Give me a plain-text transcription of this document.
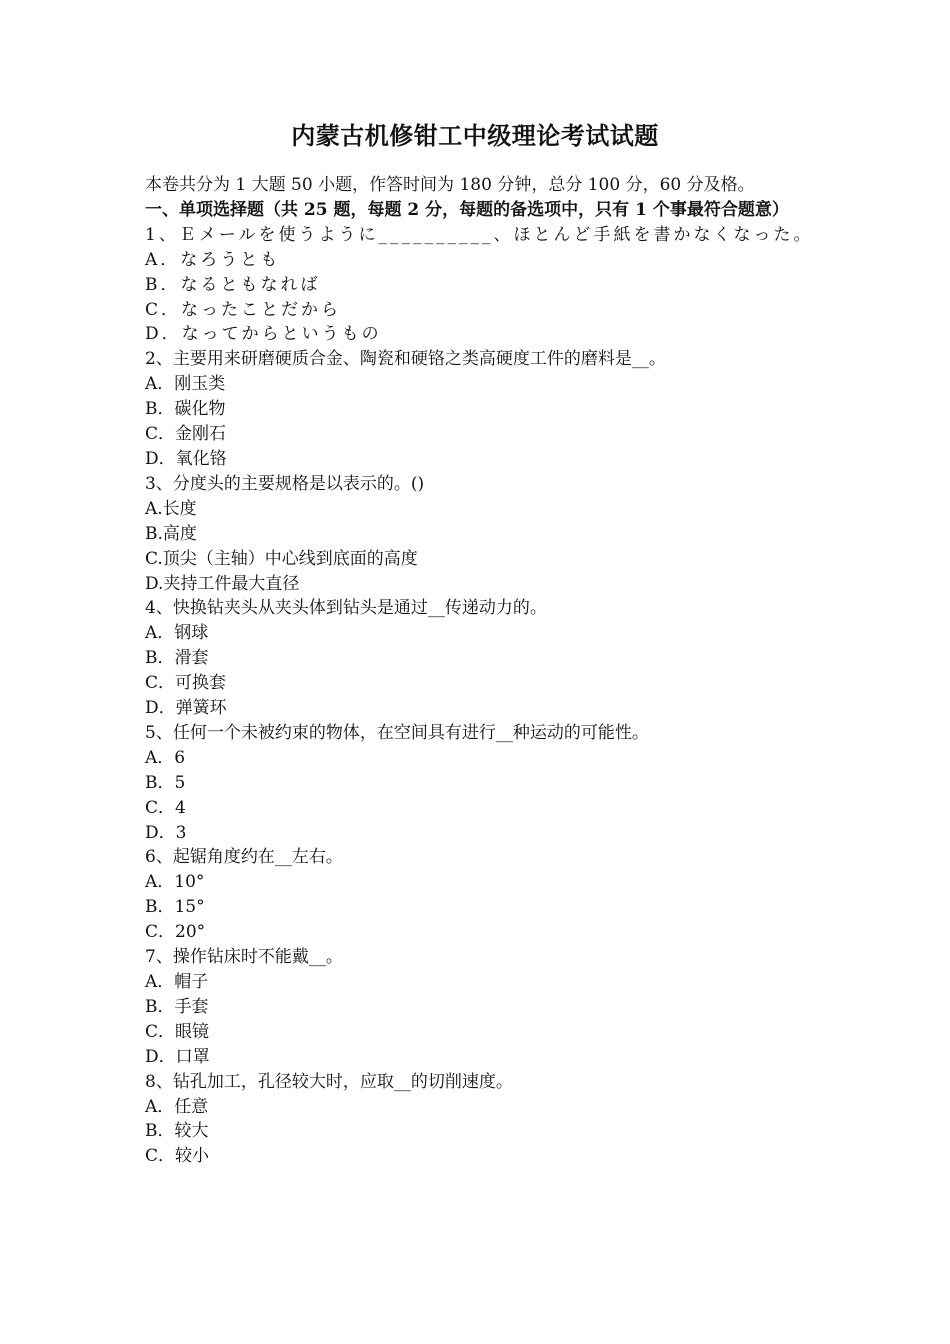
内蒙古机修钳工中级理论考试试题
本卷共分为 1 大题 50 小题，作答时间为 180 分钟，总分 100 分，60 分及格。
一、单项选择题（共 25 题，每题 2 分，每题的备选项中，只有 1 个事最符合题意）
1、Ｅメールを使うように__________、ほとんど手紙を書かなくなった。
A．なろうとも
B．なるともなれば
C．なったことだから
D．なってからというもの
2、主要用来研磨硬质合金、陶瓷和硬铬之类高硬度工件的磨料是__。
A．刚玉类
B．碳化物
C．金刚石
D．氧化铬
3、分度头的主要规格是以表示的。()
A.长度
B.高度
C.顶尖（主轴）中心线到底面的高度
D.夹持工件最大直径
4、快换钻夹头从夹头体到钻头是通过__传递动力的。
A．钢球
B．滑套
C．可换套
D．弹簧环
5、任何一个未被约束的物体，在空间具有进行__种运动的可能性。
A．6
B．5
C．4
D．3
6、起锯角度约在__左右。
A．10°
B．15°
C．20°
7、操作钻床时不能戴__。
A．帽子
B．手套
C．眼镜
D．口罩
8、钻孔加工，孔径较大时，应取__的切削速度。
A．任意
B．较大
C．较小
